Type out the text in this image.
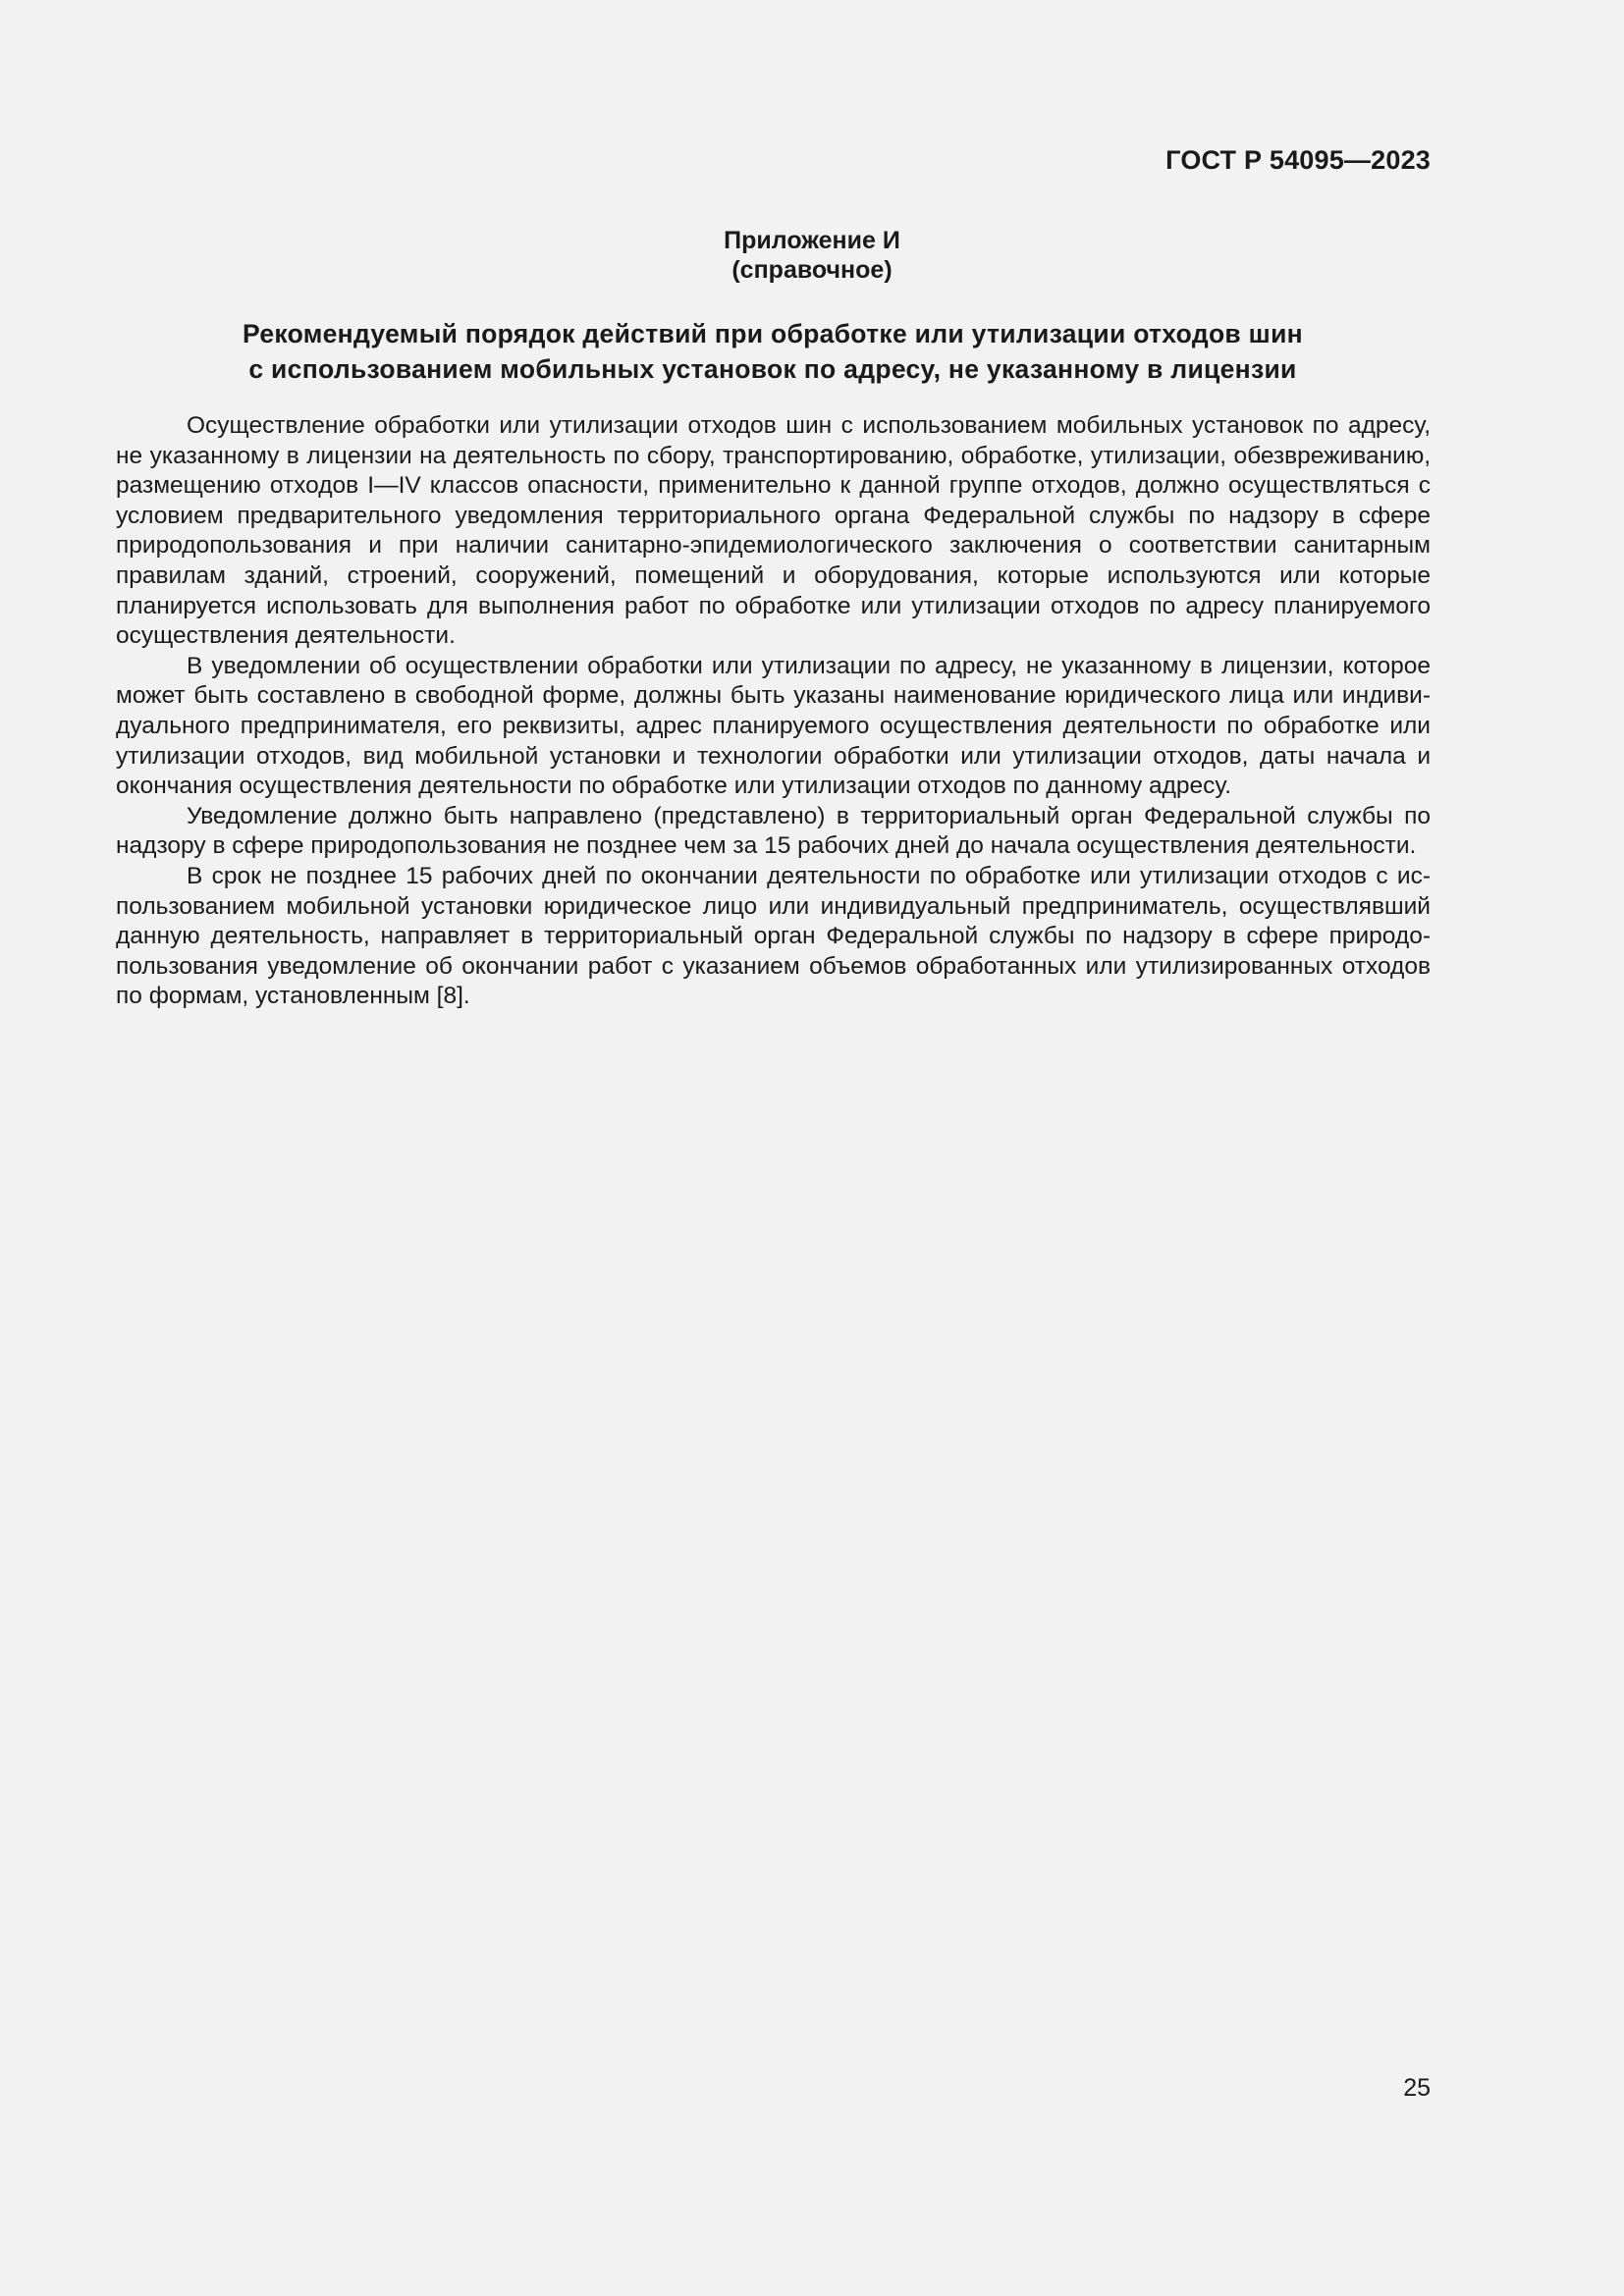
ГОСТ Р 54095—2023

Приложение И
(справочное)
Рекомендуемый порядок действий при обработке или утилизации отходов шин
с использованием мобильных установок по адресу, не указанному в лицензии

Осуществление обработки или утилизации отходов шин с использованием мобильных установок по адресу, не указанному в лицензии на деятельность по сбору, транспортированию, обработке, утилизации, обезвреживанию, размещению отходов I—IV классов опасности, применительно к данной группе отходов, должно осуществляться с условием предварительного уведомления территориального органа Федеральной службы по надзору в сфере природопользования и при наличии санитарно-эпидемиологического заключения о соответствии санитарным правилам зданий, строений, сооружений, помещений и оборудования, которые используются или которые планируется использовать для выполнения работ по обработке или утилизации отходов по адресу планируемого осуществления деятельности.

В уведомлении об осуществлении обработки или утилизации по адресу, не указанному в лицензии, которое может быть составлено в свободной форме, должны быть указаны наименование юридического лица или индивидуального предпринимателя, его реквизиты, адрес планируемого осуществления деятельности по обработке или утилизации отходов, вид мобильной установки и технологии обработки или утилизации отходов, даты начала и окончания осуществления деятельности по обработке или утилизации отходов по данному адресу.

Уведомление должно быть направлено (представлено) в территориальный орган Федеральной службы по надзору в сфере природопользования не позднее чем за 15 рабочих дней до начала осуществления деятельности.

В срок не позднее 15 рабочих дней по окончании деятельности по обработке или утилизации отходов с использованием мобильной установки юридическое лицо или индивидуальный предприниматель, осуществлявший данную деятельность, направляет в территориальный орган Федеральной службы по надзору в сфере природопользования уведомление об окончании работ с указанием объемов обработанных или утилизированных отходов по формам, установленным [8].

25
